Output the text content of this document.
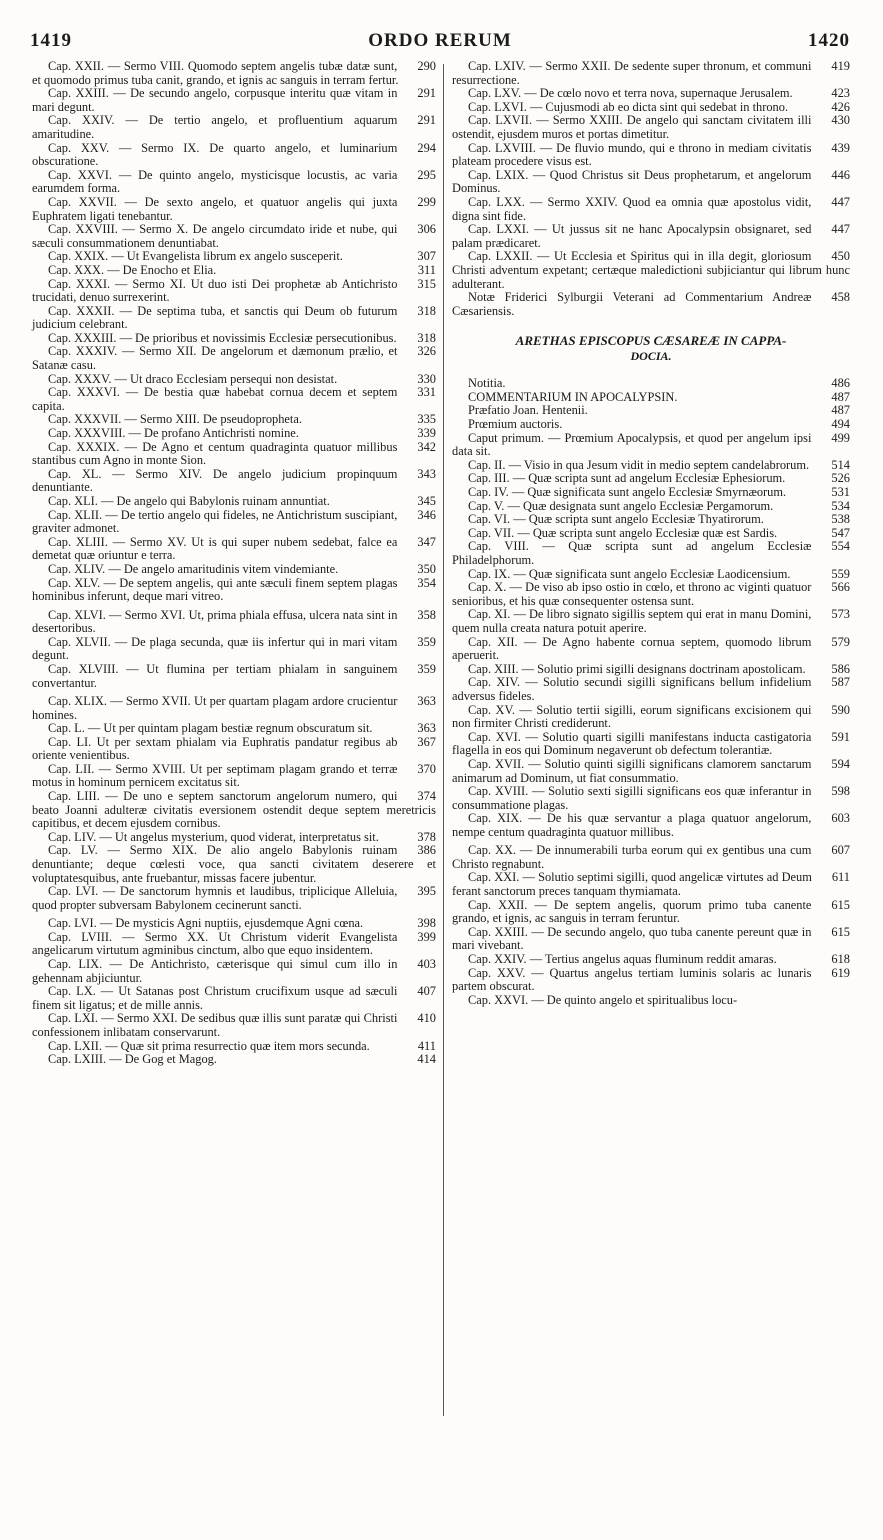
1419	ORDO RERUM	1420

290
Cap. XXII. — Sermo VIII. Quomodo septem angelis tubæ datæ sunt, et quomodo primus tuba canit, grando, et ignis ac sanguis in terram fertur.

291
Cap. XXIII. — De secundo angelo, corpusque interitu quæ vitam in mari degunt.

291
Cap. XXIV. — De tertio angelo, et profluentium aquarum amaritudine.

294
Cap. XXV. — Sermo IX. De quarto angelo, et luminarium obscuratione.

295
Cap. XXVI. — De quinto angelo, mysticisque locustis, ac varia earumdem forma.

299
Cap. XXVII. — De sexto angelo, et quatuor angelis qui juxta Euphratem ligati tenebantur.

306
Cap. XXVIII. — Sermo X. De angelo circumdato iride et nube, qui sæculi consummationem denuntiabat.

307
Cap. XXIX. — Ut Evangelista librum ex angelo susceperit.

311
Cap. XXX. — De Enocho et Elia.

315
Cap. XXXI. — Sermo XI. Ut duo isti Dei prophetæ ab Antichristo trucidati, denuo surrexerint.

318
Cap. XXXII. — De septima tuba, et sanctis qui Deum ob futurum judicium celebrant.

318
Cap. XXXIII. — De prioribus et novissimis Ecclesiæ persecutionibus.

326
Cap. XXXIV. — Sermo XII. De angelorum et dæmonum prælio, et Satanæ casu.

330
Cap. XXXV. — Ut draco Ecclesiam persequi non desistat.

331
Cap. XXXVI. — De bestia quæ habebat cornua decem et septem capita.

335
Cap. XXXVII. — Sermo XIII. De pseudopropheta.

339
Cap. XXXVIII. — De profano Antichristi nomine.

342
Cap. XXXIX. — De Agno et centum quadraginta quatuor millibus stantibus cum Agno in monte Sion.

343
Cap. XL. — Sermo XIV. De angelo judicium propinquum denuntiante.

345
Cap. XLI. — De angelo qui Babylonis ruinam annuntiat.

346
Cap. XLII. — De tertio angelo qui fideles, ne Antichristum suscipiant, graviter admonet.

347
Cap. XLIII. — Sermo XV. Ut is qui super nubem sedebat, falce ea demetat quæ oriuntur e terra.

350
Cap. XLIV. — De angelo amaritudinis vitem vindemiante.

354
Cap. XLV. — De septem angelis, qui ante sæculi finem septem plagas hominibus inferunt, deque mari vitreo.

358
Cap. XLVI. — Sermo XVI. Ut, prima phiala effusa, ulcera nata sint in desertoribus.

359
Cap. XLVII. — De plaga secunda, quæ iis infertur qui in mari vitam degunt.

359
Cap. XLVIII. — Ut flumina per tertiam phialam in sanguinem convertantur.

363
Cap. XLIX. — Sermo XVII. Ut per quartam plagam ardore crucientur homines.

363
Cap. L. — Ut per quintam plagam bestiæ regnum obscuratum sit.

367
Cap. LI. Ut per sextam phialam via Euphratis pandatur regibus ab oriente venientibus.

370
Cap. LII. — Sermo XVIII. Ut per septimam plagam grando et terræ motus in hominum pernicem excitatus sit.

374
Cap. LIII. — De uno e septem sanctorum angelorum numero, qui beato Joanni adulteræ civitatis eversionem ostendit deque septem meretricis capitibus, et decem ejusdem cornibus.

378
Cap. LIV. — Ut angelus mysterium, quod viderat, interpretatus sit.

386
Cap. LV. — Sermo XIX. De alio angelo Babylonis ruinam denuntiante; deque cœlesti voce, qua sancti civitatem deserere et voluptatesquibus, ante fruebantur, missas facere jubentur.

395
Cap. LVI. — De sanctorum hymnis et laudibus, triplicique Alleluia, quod propter subversam Babylonem cecinerunt sancti.

398
Cap. LVI. — De mysticis Agni nuptiis, ejusdemque Agni cœna.

399
Cap. LVIII. — Sermo XX. Ut Christum viderit Evangelista angelicarum virtutum agminibus cinctum, albo que equo insidentem.

403
Cap. LIX. — De Antichristo, cæterisque qui simul cum illo in gehennam abjiciuntur.

407
Cap. LX. — Ut Satanas post Christum crucifixum usque ad sæculi finem sit ligatus; et de mille annis.

410
Cap. LXI. — Sermo XXI. De sedibus quæ illis sunt paratæ qui Christi confessionem inlibatam conservarunt.

411
Cap. LXII. — Quæ sit prima resurrectio quæ item mors secunda.

414
Cap. LXIII. — De Gog et Magog.

419
Cap. LXIV. — Sermo XXII. De sedente super thronum, et communi resurrectione.

423
Cap. LXV. — De cœlo novo et terra nova, supernaque Jerusalem.

426
Cap. LXVI. — Cujusmodi ab eo dicta sint qui sedebat in throno.

430
Cap. LXVII. — Sermo XXIII. De angelo qui sanctam civitatem illi ostendit, ejusdem muros et portas dimetitur.

439
Cap. LXVIII. — De fluvio mundo, qui e throno in mediam civitatis plateam procedere visus est.

446
Cap. LXIX. — Quod Christus sit Deus prophetarum, et angelorum Dominus.

447
Cap. LXX. — Sermo XXIV. Quod ea omnia quæ apostolus vidit, digna sint fide.

447
Cap. LXXI. — Ut jussus sit ne hanc Apocalypsin obsignaret, sed palam prædicaret.

450
Cap. LXXII. — Ut Ecclesia et Spiritus qui in illa degit, gloriosum Christi adventum expetant; certæque maledictioni subjiciantur qui librum hunc adulterant.

458
Notæ Friderici Sylburgii Veterani ad Commentarium Andreæ Cæsariensis.

ARETHAS EPISCOPUS CÆSAREÆ IN CAPPA-
DOCIA.

486
Notitia.

487
COMMENTARIUM IN APOCALYPSIN.

487
Præfatio Joan. Hentenii.

494
Prœmium auctoris.

499
Caput primum. — Prœmium Apocalypsis, et quod per angelum ipsi data sit.

514
Cap. II. — Visio in qua Jesum vidit in medio septem candelabrorum.

526
Cap. III. — Quæ scripta sunt ad angelum Ecclesiæ Ephesiorum.

531
Cap. IV. — Quæ significata sunt angelo Ecclesiæ Smyrnæorum.

534
Cap. V. — Quæ designata sunt angelo Ecclesiæ Pergamorum.

538
Cap. VI. — Quæ scripta sunt angelo Ecclesiæ Thyatirorum.

547
Cap. VII. — Quæ scripta sunt angelo Ecclesiæ quæ est Sardis.

554
Cap. VIII. — Quæ scripta sunt ad angelum Ecclesiæ Philadelphorum.

559
Cap. IX. — Quæ significata sunt angelo Ecclesiæ Laodicensium.

566
Cap. X. — De viso ab ipso ostio in cœlo, et throno ac viginti quatuor senioribus, et his quæ consequenter ostensa sunt.

573
Cap. XI. — De libro signato sigillis septem qui erat in manu Domini, quem nulla creata natura potuit aperire.

579
Cap. XII. — De Agno habente cornua septem, quomodo librum aperuerit.

586
Cap. XIII. — Solutio primi sigilli designans doctrinam apostolicam.

587
Cap. XIV. — Solutio secundi sigilli significans bellum infidelium adversus fideles.

590
Cap. XV. — Solutio tertii sigilli, eorum significans excisionem qui non firmiter Christi crediderunt.

591
Cap. XVI. — Solutio quarti sigilli manifestans inducta castigatoria flagella in eos qui Dominum negaverunt ob defectum tolerantiæ.

594
Cap. XVII. — Solutio quinti sigilli significans clamorem sanctarum animarum ad Dominum, ut fiat consummatio.

598
Cap. XVIII. — Solutio sexti sigilli significans eos quæ inferantur in consummatione plagas.

603
Cap. XIX. — De his quæ servantur a plaga quatuor angelorum, nempe centum quadraginta quatuor millibus.

607
Cap. XX. — De innumerabili turba eorum qui ex gentibus una cum Christo regnabunt.

611
Cap. XXI. — Solutio septimi sigilli, quod angelicæ virtutes ad Deum ferant sanctorum preces tanquam thymiamata.

615
Cap. XXII. — De septem angelis, quorum primo tuba canente grando, et ignis, ac sanguis in terram feruntur.

615
Cap. XXIII. — De secundo angelo, quo tuba canente pereunt quæ in mari vivebant.

618
Cap. XXIV. — Tertius angelus aquas fluminum reddit amaras.

619
Cap. XXV. — Quartus angelus tertiam luminis solaris ac lunaris partem obscurat.

Cap. XXVI. — De quinto angelo et spiritualibus locu-
